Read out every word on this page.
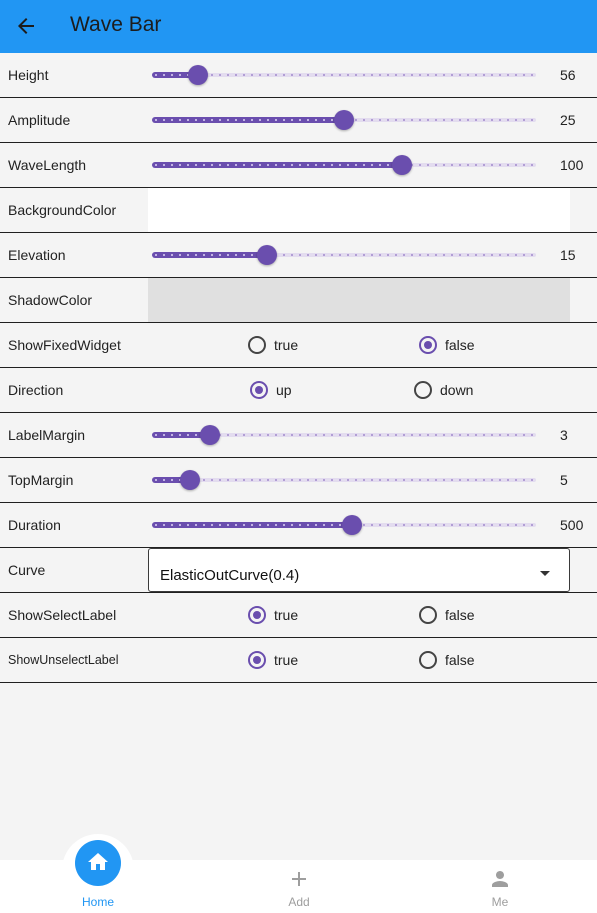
Wave Bar
Height	56
Amplitude	25
WaveLength	100
BackgroundColor
Elevation	15
ShadowColor
ShowFixedWidget	true	false
Direction	up	down
LabelMargin	3
TopMargin	5
Duration	500
Curve	ElasticOutCurve(0.4)
ShowSelectLabel	true	false
ShowUnselectLabel	true	false
Home	Add	Me
